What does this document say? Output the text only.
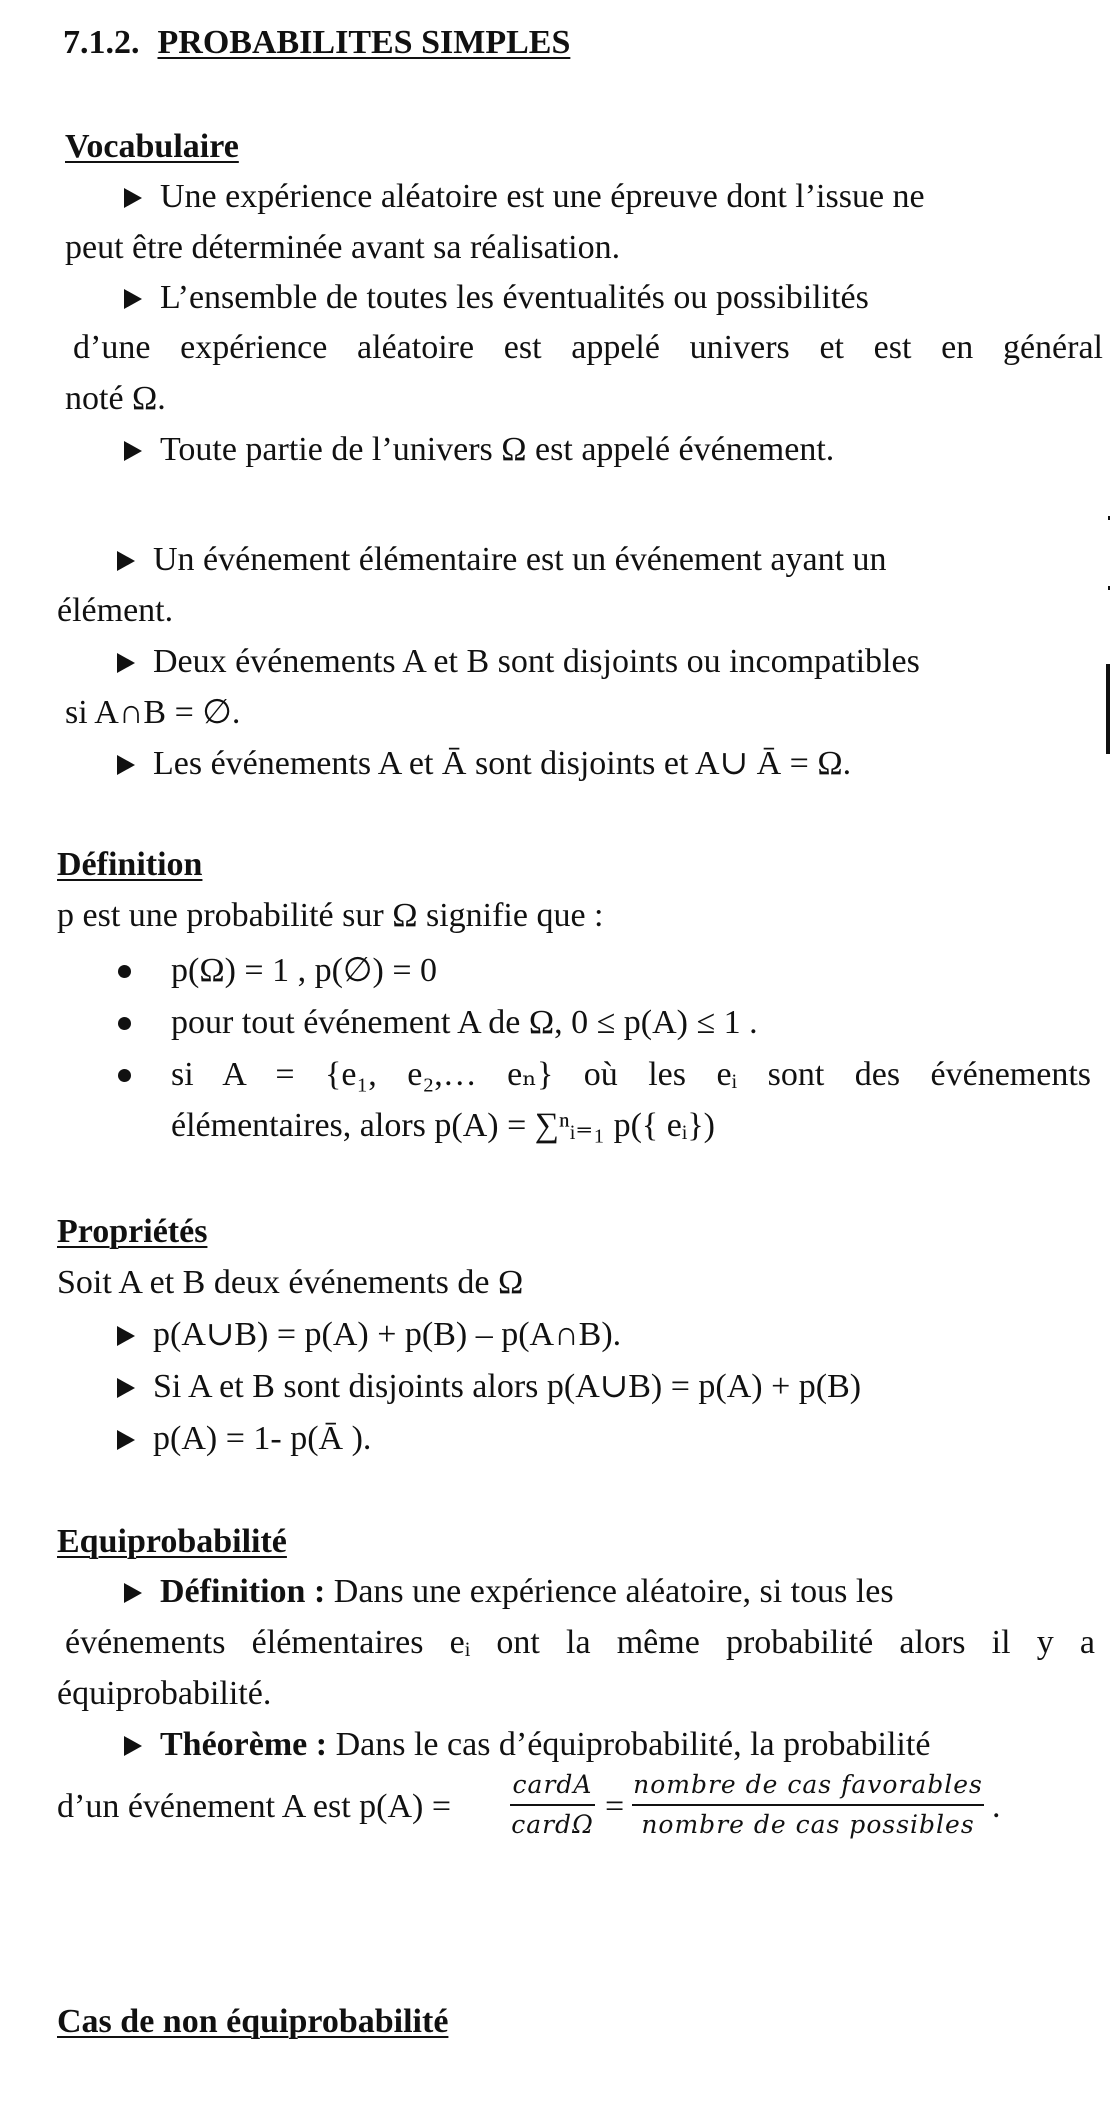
7.1.2. PROBABILITES SIMPLES
Vocabulaire
Une expérience aléatoire est une épreuve dont l’issue ne
peut être déterminée avant sa réalisation.
L’ensemble de toutes les éventualités ou possibilités
d’une expérience aléatoire est appelé univers et est en général
noté Ω.
Toute partie de l’univers Ω est appelé événement.
Un événement élémentaire est un événement ayant un
élément.
Deux événements A et B sont disjoints ou incompatibles
si A∩B = ∅.
Les événements A et Ā sont disjoints et A∪ Ā = Ω.
Définition
p est une probabilité sur Ω signifie que :
p(Ω) = 1 , p(∅) = 0
pour tout événement A de Ω, 0 ≤ p(A) ≤ 1 .
si A = {e₁, e₂,… eₙ} où les eᵢ sont des événements
élémentaires, alors p(A) = ∑ⁿᵢ₌₁ p({ eᵢ})
Propriétés
Soit A et B deux événements de Ω
p(A∪B) = p(A) + p(B) – p(A∩B).
Si A et B sont disjoints alors p(A∪B) = p(A) + p(B)
p(A) = 1- p(Ā ).
Equiprobabilité
Définition : Dans une expérience aléatoire, si tous les
événements élémentaires eᵢ ont la même probabilité alors il y a
équiprobabilité.
Théorème : Dans le cas d’équiprobabilité, la probabilité
d’un événement A est p(A) =
cardA
cardΩ =
nombre de cas favorables
nombre de cas possibles .
Cas de non équiprobabilité
